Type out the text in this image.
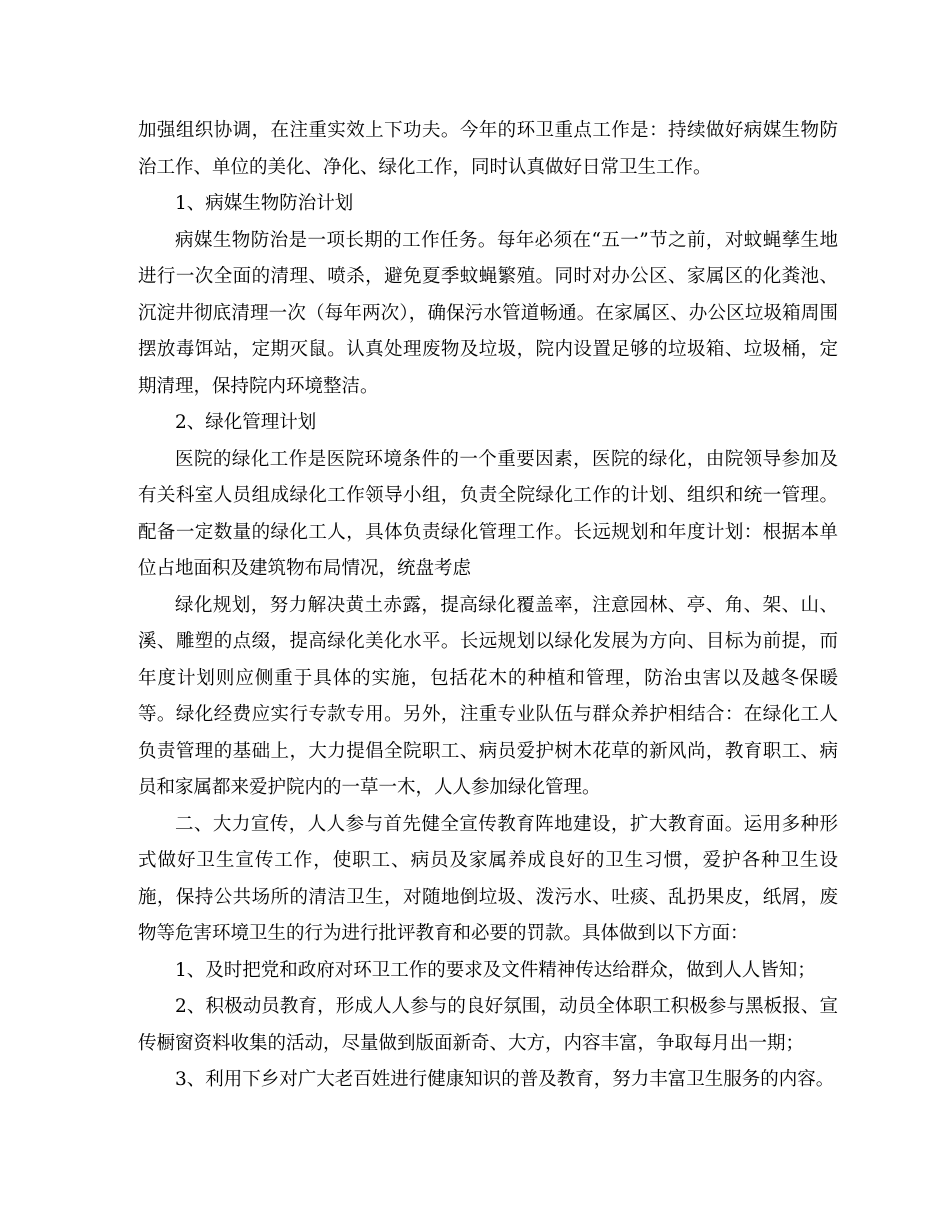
加强组织协调，在注重实效上下功夫。今年的环卫重点工作是：持续做好病媒生物防治工作、单位的美化、净化、绿化工作，同时认真做好日常卫生工作。

1、病媒生物防治计划

病媒生物防治是一项长期的工作任务。每年必须在“五一”节之前，对蚊蝇孳生地进行一次全面的清理、喷杀，避免夏季蚊蝇繁殖。同时对办公区、家属区的化粪池、沉淀井彻底清理一次（每年两次），确保污水管道畅通。在家属区、办公区垃圾箱周围摆放毒饵站，定期灭鼠。认真处理废物及垃圾，院内设置足够的垃圾箱、垃圾桶，定期清理，保持院内环境整洁。

2、绿化管理计划

医院的绿化工作是医院环境条件的一个重要因素，医院的绿化，由院领导参加及有关科室人员组成绿化工作领导小组，负责全院绿化工作的计划、组织和统一管理。配备一定数量的绿化工人，具体负责绿化管理工作。长远规划和年度计划：根据本单位占地面积及建筑物布局情况，统盘考虑

绿化规划，努力解决黄土赤露，提高绿化覆盖率，注意园林、亭、角、架、山、溪、雕塑的点缀，提高绿化美化水平。长远规划以绿化发展为方向、目标为前提，而年度计划则应侧重于具体的实施，包括花木的种植和管理，防治虫害以及越冬保暖等。绿化经费应实行专款专用。另外，注重专业队伍与群众养护相结合：在绿化工人负责管理的基础上，大力提倡全院职工、病员爱护树木花草的新风尚，教育职工、病员和家属都来爱护院内的一草一木，人人参加绿化管理。

二、大力宣传，人人参与首先健全宣传教育阵地建设，扩大教育面。运用多种形式做好卫生宣传工作，使职工、病员及家属养成良好的卫生习惯，爱护各种卫生设施，保持公共场所的清洁卫生，对随地倒垃圾、泼污水、吐痰、乱扔果皮，纸屑，废物等危害环境卫生的行为进行批评教育和必要的罚款。具体做到以下方面：

1、及时把党和政府对环卫工作的要求及文件精神传达给群众，做到人人皆知；

2、积极动员教育，形成人人参与的良好氛围，动员全体职工积极参与黑板报、宣传橱窗资料收集的活动，尽量做到版面新奇、大方，内容丰富，争取每月出一期；

3、利用下乡对广大老百姓进行健康知识的普及教育，努力丰富卫生服务的内容。
